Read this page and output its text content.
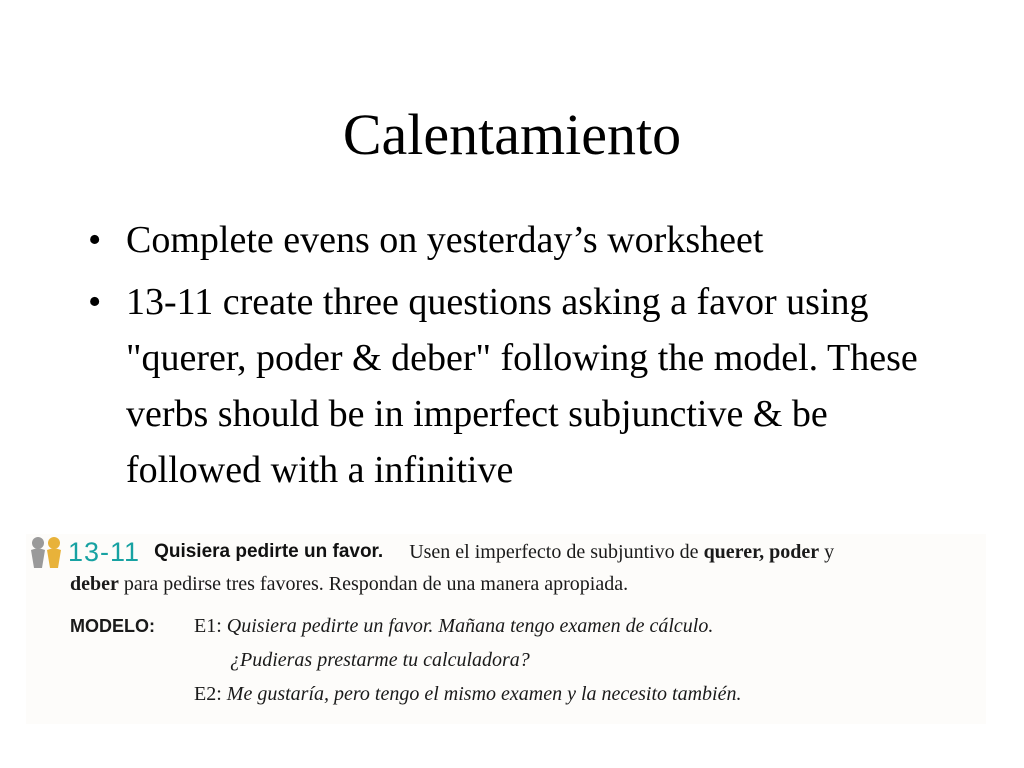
Calentamiento
• Complete evens on yesterday’s worksheet
• 13-11 create three questions asking a favor using "querer, poder & deber" following the model. These verbs should be in imperfect subjunctive & be followed with a infinitive
13-11 Quisiera pedirte un favor. Usen el imperfecto de subjuntivo de
querer, poder
y
deber para pedirse tres favores. Respondan de una manera apropiada.
MODELO: E1: Quisiera pedirte un favor. Mañana tengo examen de cálculo.
¿Pudieras prestarme tu calculadora?
E2: Me gustaría, pero tengo el mismo examen y la necesito también.
